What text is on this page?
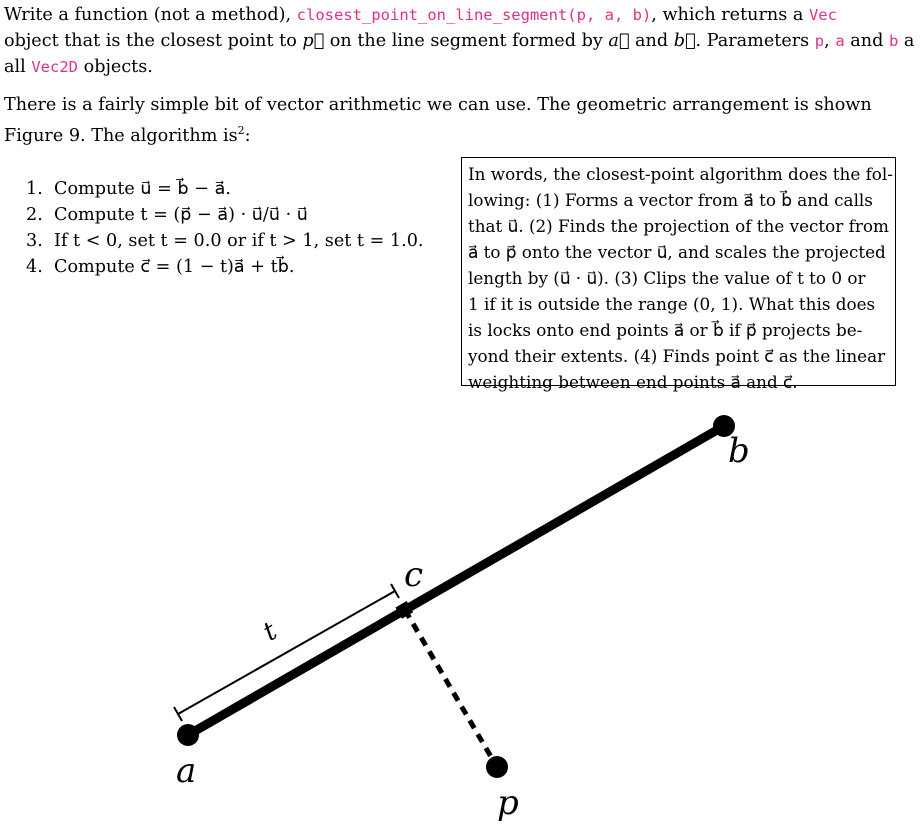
Write a function (not a method), closest_point_on_line_segment(p, a, b), which returns a Vec
object that is the closest point to p⃗ on the line segment formed by a⃗ and b⃗. Parameters p, a and b a
all Vec2D objects.
There is a fairly simple bit of vector arithmetic we can use. The geometric arrangement is shown
Figure 9. The algorithm $is^2$:
1. Compute u⃗ = b⃗ − a⃗.
2. Compute t = (p⃗ − a⃗) · u⃗/u⃗ · u⃗
3. If t < 0, set t = 0.0 or if t > 1, set t = 1.0.
4. Compute c⃗ = (1 − t)a⃗ + tb⃗.
In words, the closest-point algorithm does the fol-
lowing: (1) Forms a vector from a⃗ to b⃗ and calls
that u⃗. (2) Finds the projection of the vector from
a⃗ to p⃗ onto the vector u⃗, and scales the projected
length by (u⃗ · u⃗). (3) Clips the value of t to 0 or
1 if it is outside the range (0, 1). What this does
is locks onto end points a⃗ or b⃗ if p⃗ projects be-
yond their extents. (4) Finds point c⃗ as the linear
weighting between end points a⃗ and c⃗.
a
b
c
p
t
